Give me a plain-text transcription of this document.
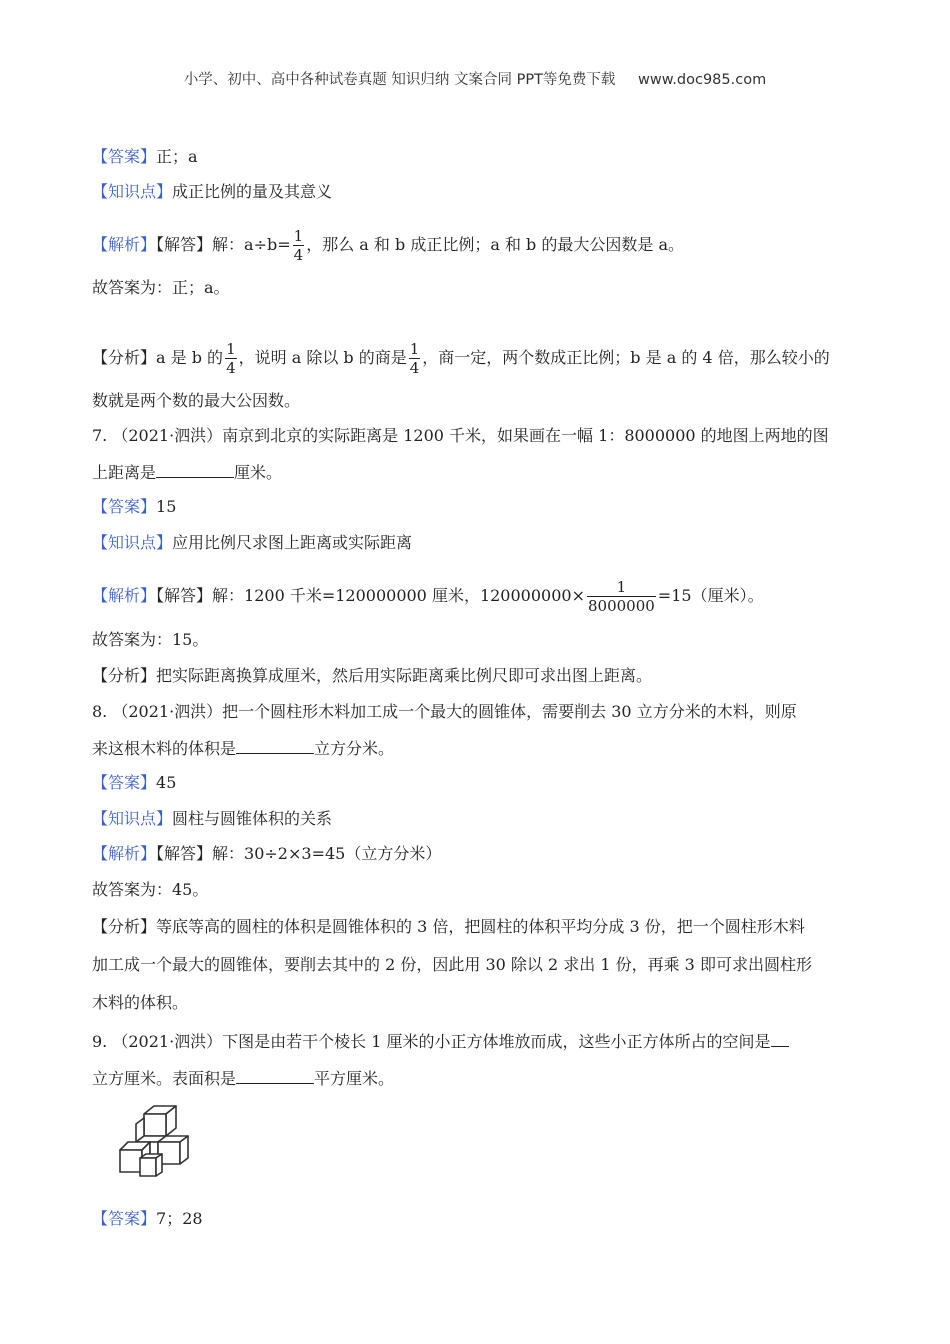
小学、初中、高中各种试卷真题 知识归纳 文案合同 PPT等免费下载 www.doc985.com
【答案】正；a
【知识点】成正比例的量及其意义
【解析】【解答】解：$a\div b= \frac{1}{4}$ ，那么 a 和 b 成正比例；a 和 b 的最大公因数是 a。
故答案为：正；a。
【分析】a 是 b 的 $\frac{1}{4}$ ，说明 a 除以 b 的商是 $\frac{1}{4}$ ，商一定，两个数成正比例；b 是 a 的 4 倍，那么较小的
数就是两个数的最大公因数。
7. （2021·泗洪）南京到北京的实际距离是 1200 千米，如果画在一幅 1：8000000 的地图上两地的图
上距离是	厘米。
【答案】15
【知识点】应用比例尺求图上距离或实际距离
【解析】【解答】解：1200 千米=120000000 厘米，$120000000\times \frac{1}{8000000} =15$（厘米）。
故答案为：15。
【分析】把实际距离换算成厘米，然后用实际距离乘比例尺即可求出图上距离。
8. （2021·泗洪）把一个圆柱形木料加工成一个最大的圆锥体，需要削去 30 立方分米的木料，则原
来这根木料的体积是	立方分米。
【答案】45
【知识点】圆柱与圆锥体积的关系
【解析】【解答】解：30÷2×3=45（立方分米）
故答案为：45。
【分析】等底等高的圆柱的体积是圆锥体积的 3 倍，把圆柱的体积平均分成 3 份，把一个圆柱形木料
加工成一个最大的圆锥体，要削去其中的 2 份，因此用 30 除以 2 求出 1 份，再乘 3 即可求出圆柱形
木料的体积。
9. （2021·泗洪）下图是由若干个棱长 1 厘米的小正方体堆放而成，这些小正方体所占的空间是
立方厘米。表面积是	平方厘米。
【答案】7；28
